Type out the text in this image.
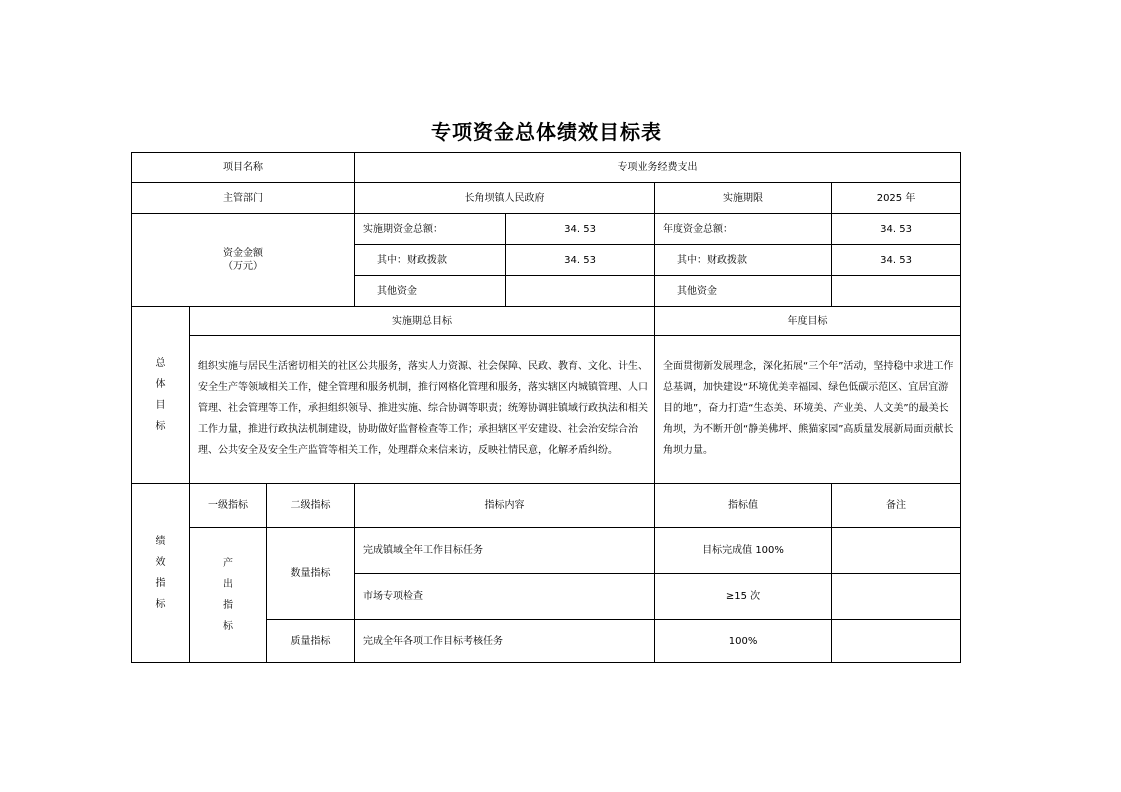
专项资金总体绩效目标表
项目名称			专项业务经费支出			
主管部门			长角坝镇人民政府		实施期限	2025 年

资金金额
（万元）			实施期资金总额：	34. 53	年度资金总额：	34. 53
			其中：财政拨款	34. 53	其中：财政拨款	34. 53
			其他资金		其他资金	

总
体
目
标	实施期总目标				年度目标	
	组织实施与居民生活密切相关的社区公共服务，落实人力资源、社会保障、民政、教育、文化、计生、安全生产等领域相关工作，健全管理和服务机制，推行网格化管理和服务，落实辖区内城镇管理、人口管理、社会管理等工作，承担组织领导、推进实施、综合协调等职责；统筹协调驻镇域行政执法和相关工作力量，推进行政执法机制建设，协助做好监督检查等工作；承担辖区平安建设、社会治安综合治理、公共安全及安全生产监管等相关工作，处理群众来信来访，反映社情民意，化解矛盾纠纷。				全面贯彻新发展理念，深化拓展“三个年”活动，坚持稳中求进工作总基调，加快建设“环境优美幸福园、绿色低碳示范区、宜居宜游目的地”，奋力打造“生态美、环境美、产业美、人文美”的最美长角坝，为不断开创“静美佛坪、熊猫家园”高质量发展新局面贡献长角坝力量。	

绩
效
指
标	一级指标	二级指标	指标内容		指标值	备注

	产
出
指
标	数量指标	完成镇域全年工作目标任务		目标完成值 100%	
			市场专项检查		≥15 次	
		质量指标	完成全年各项工作目标考核任务		100%	
